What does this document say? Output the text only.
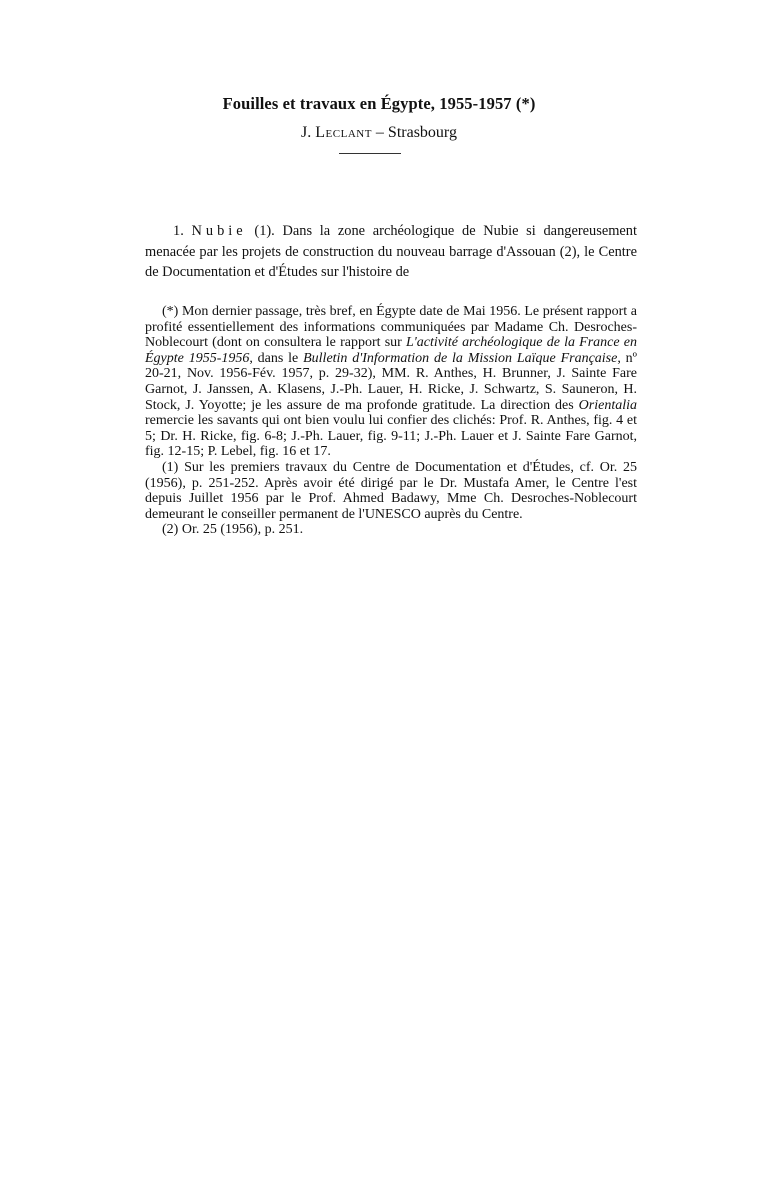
Fouilles et travaux en Égypte, 1955-1957 (*)
J. Leclant – Strasbourg

1. Nubie (1). Dans la zone archéologique de Nubie si dangereusement menacée par les projets de construction du nouveau barrage d'Assouan (2), le Centre de Documentation et d'Études sur l'histoire de

(*) Mon dernier passage, très bref, en Égypte date de Mai 1956. Le présent rapport a profité essentiellement des informations communiquées par Madame Ch. Desroches-Noblecourt (dont on consultera le rapport sur L'activité archéologique de la France en Égypte 1955-1956, dans le Bulletin d'Information de la Mission Laïque Française, nº 20-21, Nov. 1956-Fév. 1957, p. 29-32), MM. R. Anthes, H. Brunner, J. Sainte Fare Garnot, J. Janssen, A. Klasens, J.-Ph. Lauer, H. Ricke, J. Schwartz, S. Sauneron, H. Stock, J. Yoyotte; je les assure de ma profonde gratitude. La direction des Orientalia remercie les savants qui ont bien voulu lui confier des clichés: Prof. R. Anthes, fig. 4 et 5; Dr. H. Ricke, fig. 6-8; J.-Ph. Lauer, fig. 9-11; J.-Ph. Lauer et J. Sainte Fare Garnot, fig. 12-15; P. Lebel, fig. 16 et 17.

(1) Sur les premiers travaux du Centre de Documentation et d'Études, cf. Or. 25 (1956), p. 251-252. Après avoir été dirigé par le Dr. Mustafa Amer, le Centre l'est depuis Juillet 1956 par le Prof. Ahmed Badawy, Mme Ch. Desroches-Noblecourt demeurant le conseiller permanent de l'UNESCO auprès du Centre.

(2) Or. 25 (1956), p. 251.
